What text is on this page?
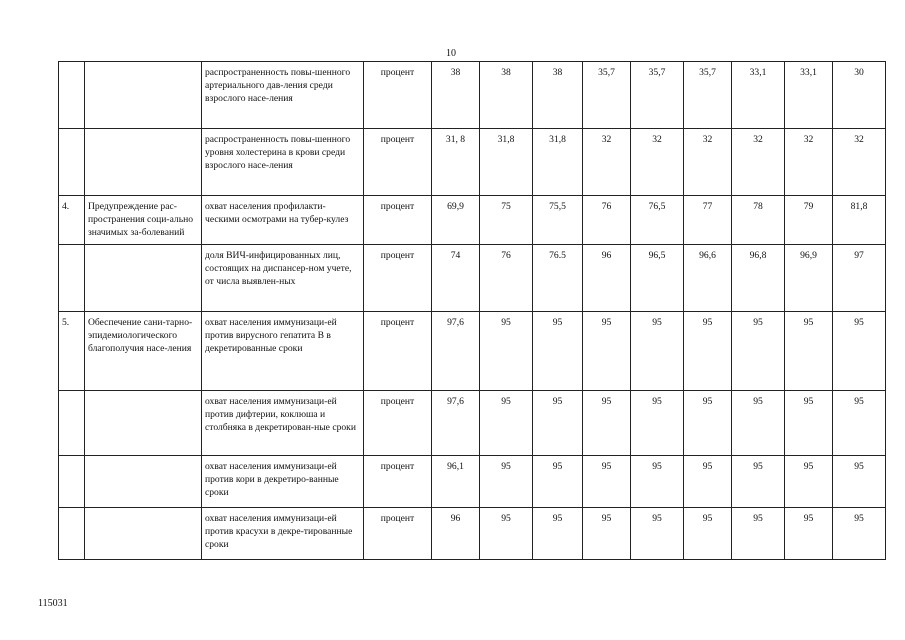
10
		распространенность повы-шенного артериального дав-ления среди взрослого насе-ления	процент	38	38	38	35,7	35,7	35,7	33,1	33,1	30
		распространенность повы-шенного уровня холестерина в крови среди взрослого насе-ления	процент	31, 8	31,8	31,8	32	32	32	32	32	32
4.	Предупреждение рас-пространения соци-ально значимых за-болеваний	охват населения профилакти-ческими осмотрами на тубер-кулез	процент	69,9	75	75,5	76	76,5	77	78	79	81,8
		доля ВИЧ-инфицированных лиц, состоящих на диспансер-ном учете, от числа выявлен-ных	процент	74	76	76.5	96	96,5	96,6	96,8	96,9	97
5.	Обеспечение сани-тарно-эпидемиологического благополучия насе-ления	охват населения иммунизаци-ей против вирусного гепатита В в декретированные сроки	процент	97,6	95	95	95	95	95	95	95	95
		охват населения иммунизаци-ей против дифтерии, коклюша и столбняка в декретирован-ные сроки	процент	97,6	95	95	95	95	95	95	95	95
		охват населения иммунизаци-ей против кори в декретиро-ванные сроки	процент	96,1	95	95	95	95	95	95	95	95
		охват населения иммунизаци-ей против красухи в декре-тированные сроки	процент	96	95	95	95	95	95	95	95	95
115031
